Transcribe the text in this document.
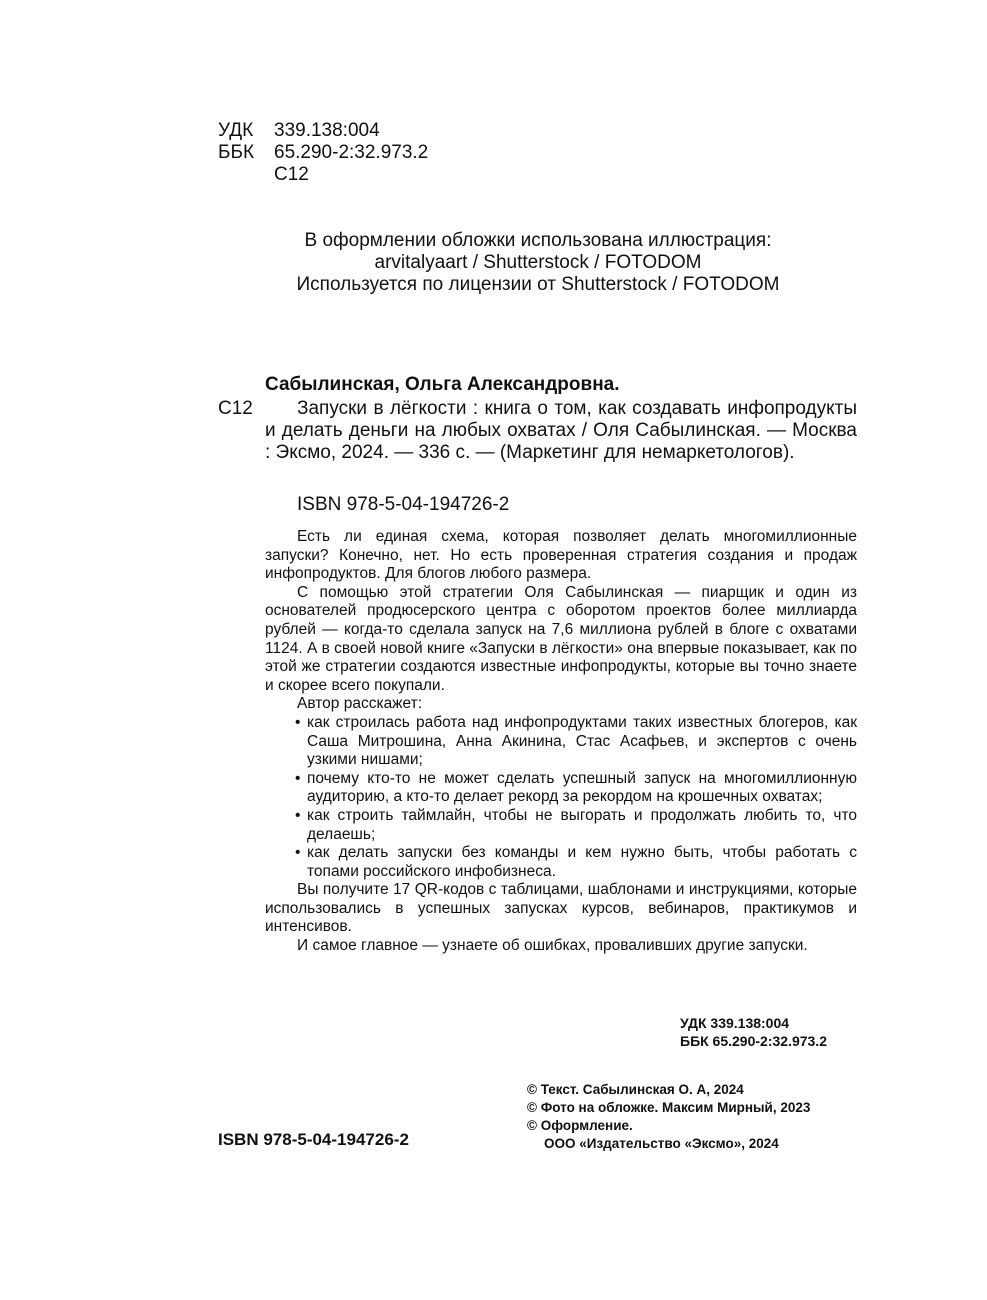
УДК	339.138:004
ББК	65.290-2:32.973.2
С12
В оформлении обложки использована иллюстрация:
arvitalyaart / Shutterstock / FOTODOM
Используется по лицензии от Shutterstock / FOTODOM
Сабылинская, Ольга Александровна.
С12	Запуски в лёгкости : книга о том, как создавать инфопродукты и делать деньги на любых охватах / Оля Сабылинская. — Москва : Эксмо, 2024. — 336 с. — (Маркетинг для немаркетологов).
ISBN 978-5-04-194726-2

Есть ли единая схема, которая позволяет делать многомиллионные запуски? Конечно, нет. Но есть проверенная стратегия создания и продаж инфопродуктов. Для блогов любого размера.

С помощью этой стратегии Оля Сабылинская — пиарщик и один из основателей продюсерского центра с оборотом проектов более миллиарда рублей — когда-то сделала запуск на 7,6 миллиона рублей в блоге с охватами 1124. А в своей новой книге «Запуски в лёгкости» она впервые показывает, как по этой же стратегии создаются известные инфопродукты, которые вы точно знаете и скорее всего покупали.

Автор расскажет:

• как строилась работа над инфопродуктами таких известных блогеров, как Саша Митрошина, Анна Акинина, Стас Асафьев, и экспертов с очень узкими нишами;
• почему кто-то не может сделать успешный запуск на многомиллионную аудиторию, а кто-то делает рекорд за рекордом на крошечных охватах;
• как строить таймлайн, чтобы не выгорать и продолжать любить то, что делаешь;
• как делать запуски без команды и кем нужно быть, чтобы работать с топами российского инфобизнеса.

Вы получите 17 QR-кодов с таблицами, шаблонами и инструкциями, которые использовались в успешных запусках курсов, вебинаров, практикумов и интенсивов.

И самое главное — узнаете об ошибках, проваливших другие запуски.

УДК 339.138:004
ББК 65.290-2:32.973.2
© Текст. Сабылинская О. А, 2024
© Фото на обложке. Максим Мирный, 2023
© Оформление.
ООО «Издательство «Эксмо», 2024
ISBN 978-5-04-194726-2
